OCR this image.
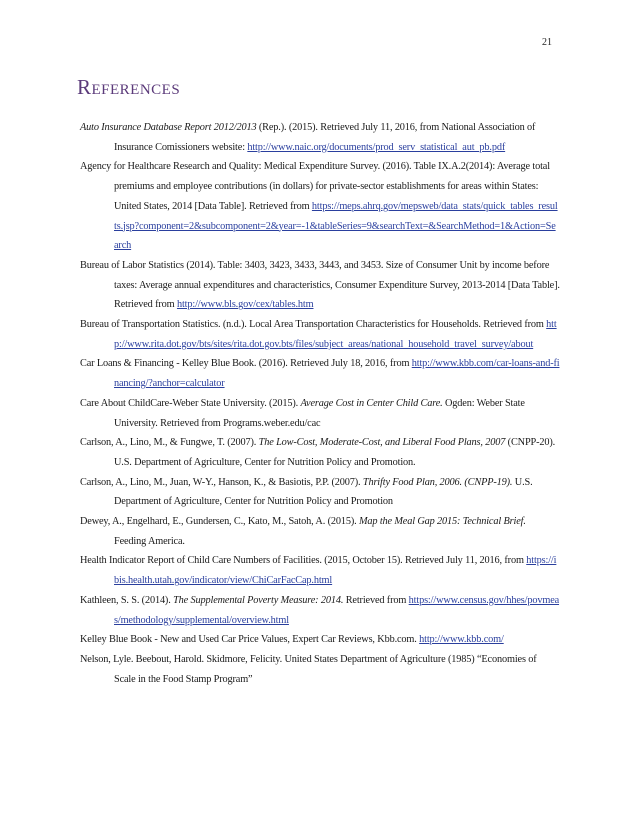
21
References

Auto Insurance Database Report 2012/2013 (Rep.). (2015). Retrieved July 11, 2016, from National Association of Insurance Comissioners website: http://www.naic.org/documents/prod_serv_statistical_aut_pb.pdf

Agency for Healthcare Research and Quality: Medical Expenditure Survey. (2016). Table IX.A.2(2014): Average total premiums and employee contributions (in dollars) for private-sector establishments for areas within States: United States, 2014 [Data Table]. Retrieved from https://meps.ahrq.gov/mepsweb/data_stats/quick_tables_results.jsp?component=2&subcomponent=2&year=-1&tableSeries=9&searchText=&SearchMethod=1&Action=Search

Bureau of Labor Statistics (2014). Table: 3403, 3423, 3433, 3443, and 3453. Size of Consumer Unit by income before taxes: Average annual expenditures and characteristics, Consumer Expenditure Survey, 2013-2014 [Data Table]. Retrieved from http://www.bls.gov/cex/tables.htm

Bureau of Transportation Statistics. (n.d.). Local Area Transportation Characteristics for Households. Retrieved from http://www.rita.dot.gov/bts/sites/rita.dot.gov.bts/files/subject_areas/national_household_travel_survey/about

Car Loans & Financing - Kelley Blue Book. (2016). Retrieved July 18, 2016, from http://www.kbb.com/car-loans-and-financing/?anchor=calculator

Care About ChildCare-Weber State University. (2015). Average Cost in Center Child Care. Ogden: Weber State University. Retrieved from Programs.weber.edu/cac

Carlson, A., Lino, M., & Fungwe, T. (2007). The Low-Cost, Moderate-Cost, and Liberal Food Plans, 2007 (CNPP-20). U.S. Department of Agriculture, Center for Nutrition Policy and Promotion.

Carlson, A., Lino, M., Juan, W-Y., Hanson, K., & Basiotis, P.P. (2007). Thrifty Food Plan, 2006. (CNPP-19). U.S. Department of Agriculture, Center for Nutrition Policy and Promotion

Dewey, A., Engelhard, E., Gundersen, C., Kato, M., Satoh, A. (2015). Map the Meal Gap 2015: Technical Brief. Feeding America.

Health Indicator Report of Child Care Numbers of Facilities. (2015, October 15). Retrieved July 11, 2016, from https://ibis.health.utah.gov/indicator/view/ChiCarFacCap.html

Kathleen, S. S. (2014). The Supplemental Poverty Measure: 2014. Retrieved from https://www.census.gov/hhes/povmeas/methodology/supplemental/overview.html

Kelley Blue Book - New and Used Car Price Values, Expert Car Reviews, Kbb.com. http://www.kbb.com/

Nelson, Lyle. Beebout, Harold. Skidmore, Felicity. United States Department of Agriculture (1985) “Economies of Scale in the Food Stamp Program”
